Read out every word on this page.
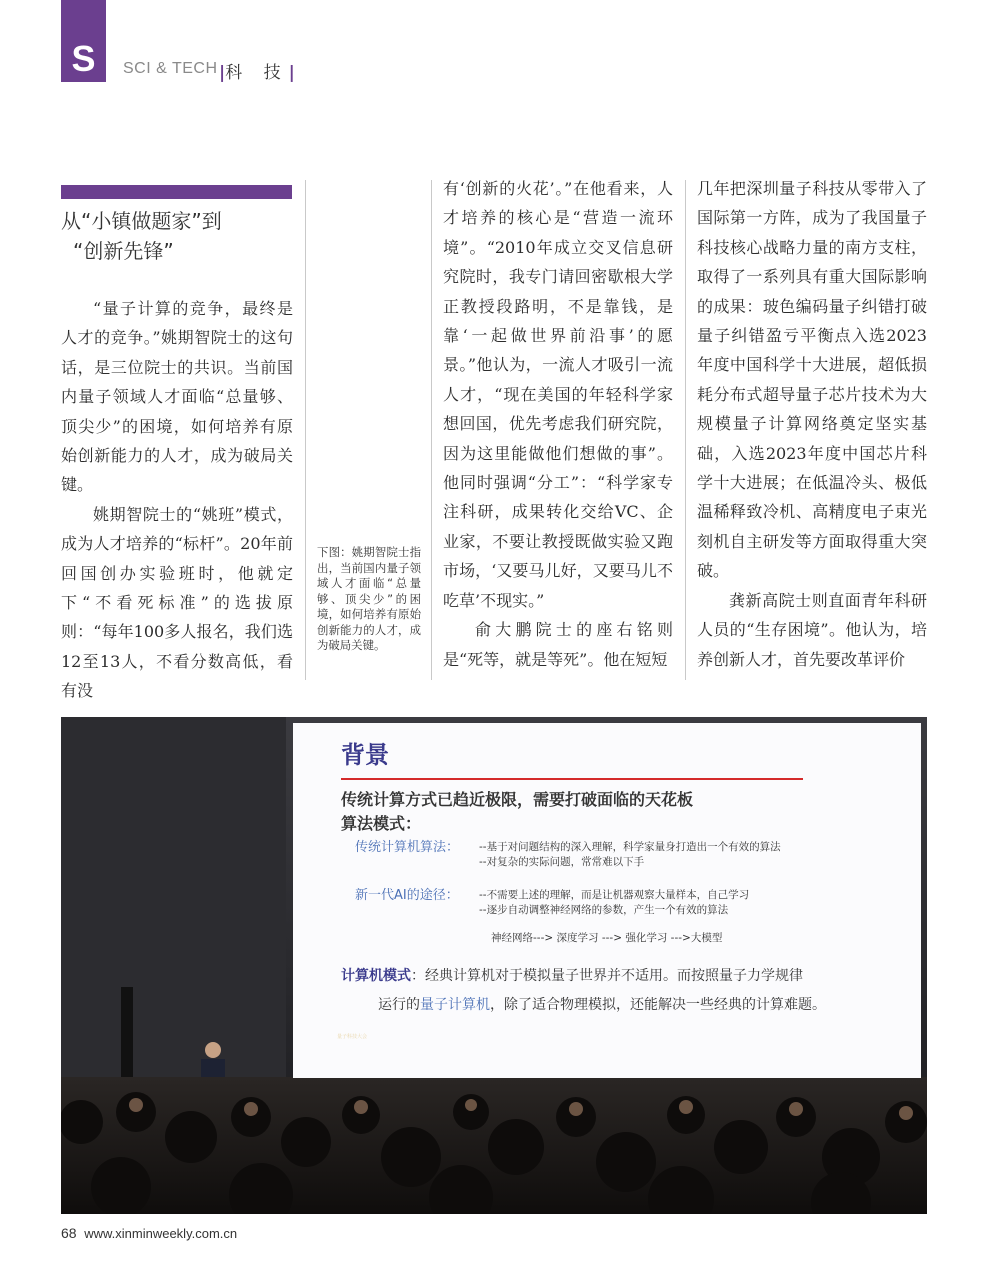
S	SCI & TECH |科 技|
从“小镇做题家”到
“创新先锋”

“量子计算的竞争，最终是人才的竞争。”姚期智院士的这句话，是三位院士的共识。当前国内量子领域人才面临“总量够、顶尖少”的困境，如何培养有原始创新能力的人才，成为破局关键。

姚期智院士的“姚班”模式，成为人才培养的“标杆”。20年前回国创办实验班时，他就定下“不看死标准”的选拔原则：“每年100多人报名，我们选12至13人，不看分数高低，看有没

下图：姚期智院士指出，当前国内量子领域人才面临“总量够、顶尖少”的困境，如何培养有原始创新能力的人才，成为破局关键。

有‘创新的火花’。”在他看来，人才培养的核心是“营造一流环境”。“2010年成立交叉信息研究院时，我专门请回密歇根大学正教授段路明，不是靠钱，是靠‘一起做世界前沿事’的愿景。”他认为，一流人才吸引一流人才，“现在美国的年轻科学家想回国，优先考虑我们研究院，因为这里能做他们想做的事”。他同时强调“分工”：“科学家专注科研，成果转化交给VC、企业家，不要让教授既做实验又跑市场，‘又要马儿好，又要马儿不吃草’不现实。”

俞大鹏院士的座右铭则是“死等，就是等死”。他在短短

几年把深圳量子科技从零带入了国际第一方阵，成为了我国量子科技核心战略力量的南方支柱，取得了一系列具有重大国际影响的成果：玻色编码量子纠错打破量子纠错盈亏平衡点入选2023年度中国科学十大进展，超低损耗分布式超导量子芯片技术为大规模量子计算网络奠定坚实基础，入选2023年度中国芯片科学十大进展；在低温冷头、极低温稀释致冷机、高精度电子束光刻机自主研发等方面取得重大突破。

龚新高院士则直面青年科研人员的“生存困境”。他认为，培养创新人才，首先要改革评价

背景
传统计算方式已趋近极限，需要打破面临的天花板
算法模式：
传统计算机算法： --基于对问题结构的深入理解，科学家量身打造出一个有效的算法
--对复杂的实际问题，常常难以下手
新一代AI的途径： --不需要上述的理解，而是让机器观察大量样本，自己学习
--逐步自动调整神经网络的参数，产生一个有效的算法
神经网络---> 深度学习 ---> 强化学习 --->大模型
计算机模式：经典计算机对于模拟量子世界并不适用。而按照量子力学规律
运行的量子计算机，除了适合物理模拟，还能解决一些经典的计算难题。
量子科技大会
68 www.xinminweekly.com.cn
